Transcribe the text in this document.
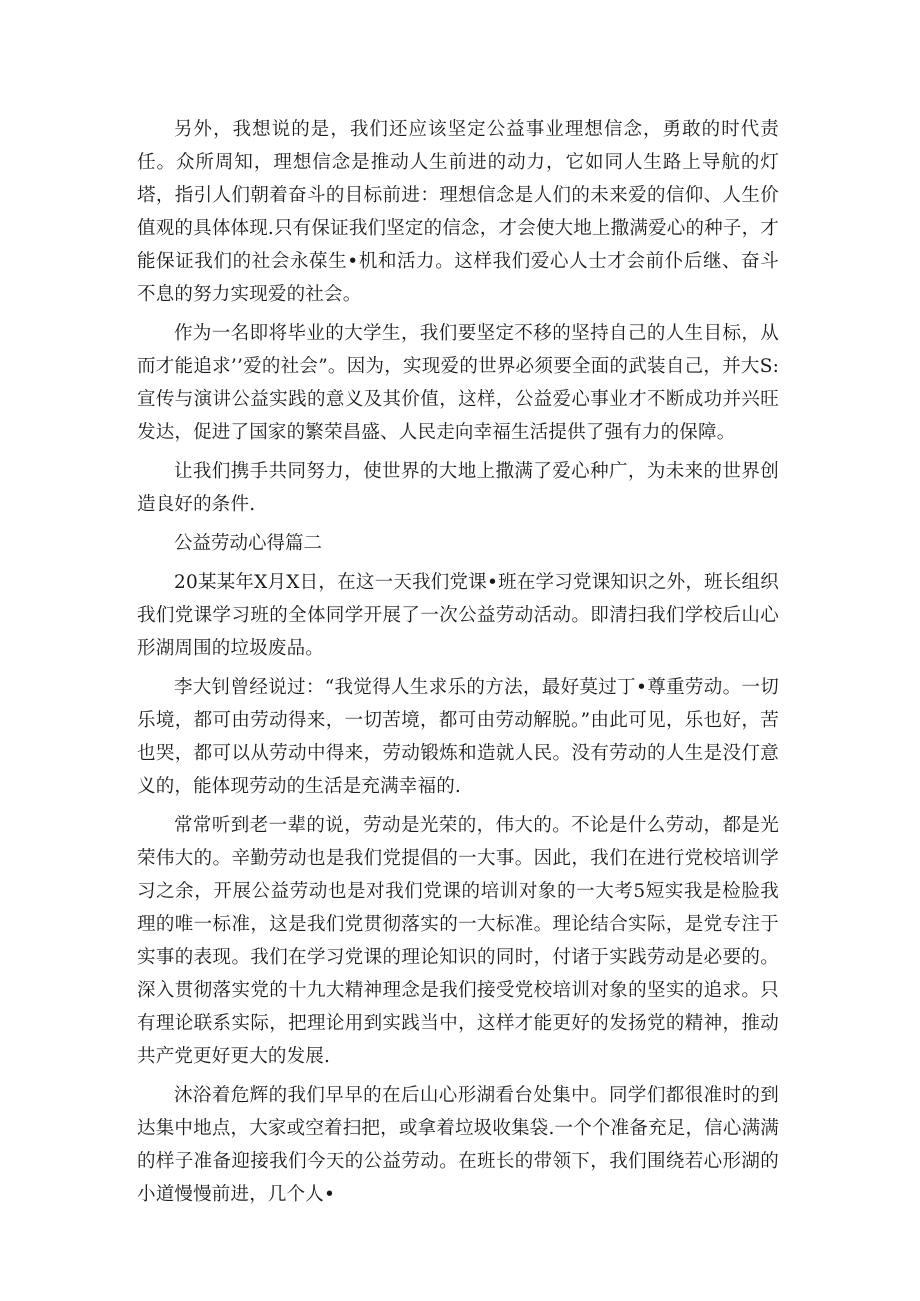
另外，我想说的是，我们还应该坚定公益事业理想信念，勇敢的时代责任。众所周知，理想信念是推动人生前进的动力，它如同人生路上导航的灯塔，指引人们朝着奋斗的目标前进：理想信念是人们的未来爱的信仰、人生价值观的具体体现.只有保证我们坚定的信念，才会使大地上撒满爱心的种子，才能保证我们的社会永葆生•机和活力。这样我们爱心人士才会前仆后继、奋斗不息的努力实现爱的社会。

作为一名即将毕业的大学生，我们要坚定不移的坚持自己的人生目标，从而才能追求’’爱的社会”。因为，实现爱的世界必须要全面的武装自己，并大S:宣传与演讲公益实践的意义及其价值，这样，公益爱心事业才不断成功并兴旺发达，促进了国家的繁荣昌盛、人民走向幸福生活提供了强有力的保障。

让我们携手共同努力，使世界的大地上撒满了爱心种广，为未来的世界创造良好的条件.

公益劳动心得篇二

20某某年X月X日，在这一天我们党课•班在学习党课知识之外，班长组织我们党课学习班的全体同学开展了一次公益劳动活动。即清扫我们学校后山心形湖周围的垃圾废品。

李大钊曾经说过：“我觉得人生求乐的方法，最好莫过丁•尊重劳动。一切乐境，都可由劳动得来，一切苦境，都可由劳动解脱。”由此可见，乐也好，苦也哭，都可以从劳动中得来，劳动锻炼和造就人民。没有劳动的人生是没仃意义的，能体现劳动的生活是充满幸福的.

常常听到老一辈的说，劳动是光荣的，伟大的。不论是什么劳动，都是光荣伟大的。辛勤劳动也是我们党提倡的一大事。因此，我们在进行党校培训学习之余，开展公益劳动也是对我们党课的培训对象的一大考5短实我是检脸我理的唯一标准，这是我们党贯彻落实的一大标准。理论结合实际，是党专注于实事的表现。我们在学习党课的理论知识的同时，付诸于实践劳动是必要的。深入贯彻落实党的十九大精神理念是我们接受党校培训对象的坚实的追求。只有理论联系实际，把理论用到实践当中，这样才能更好的发扬党的精神，推动共产党更好更大的发展.

沐浴着危辉的我们早早的在后山心形湖看台处集中。同学们都很准时的到达集中地点，大家或空着扫把，或拿着垃圾收集袋.一个个准备充足，信心满满的样子准备迎接我们今天的公益劳动。在班长的带领下，我们围绕若心形湖的小道慢慢前进，几个人•
